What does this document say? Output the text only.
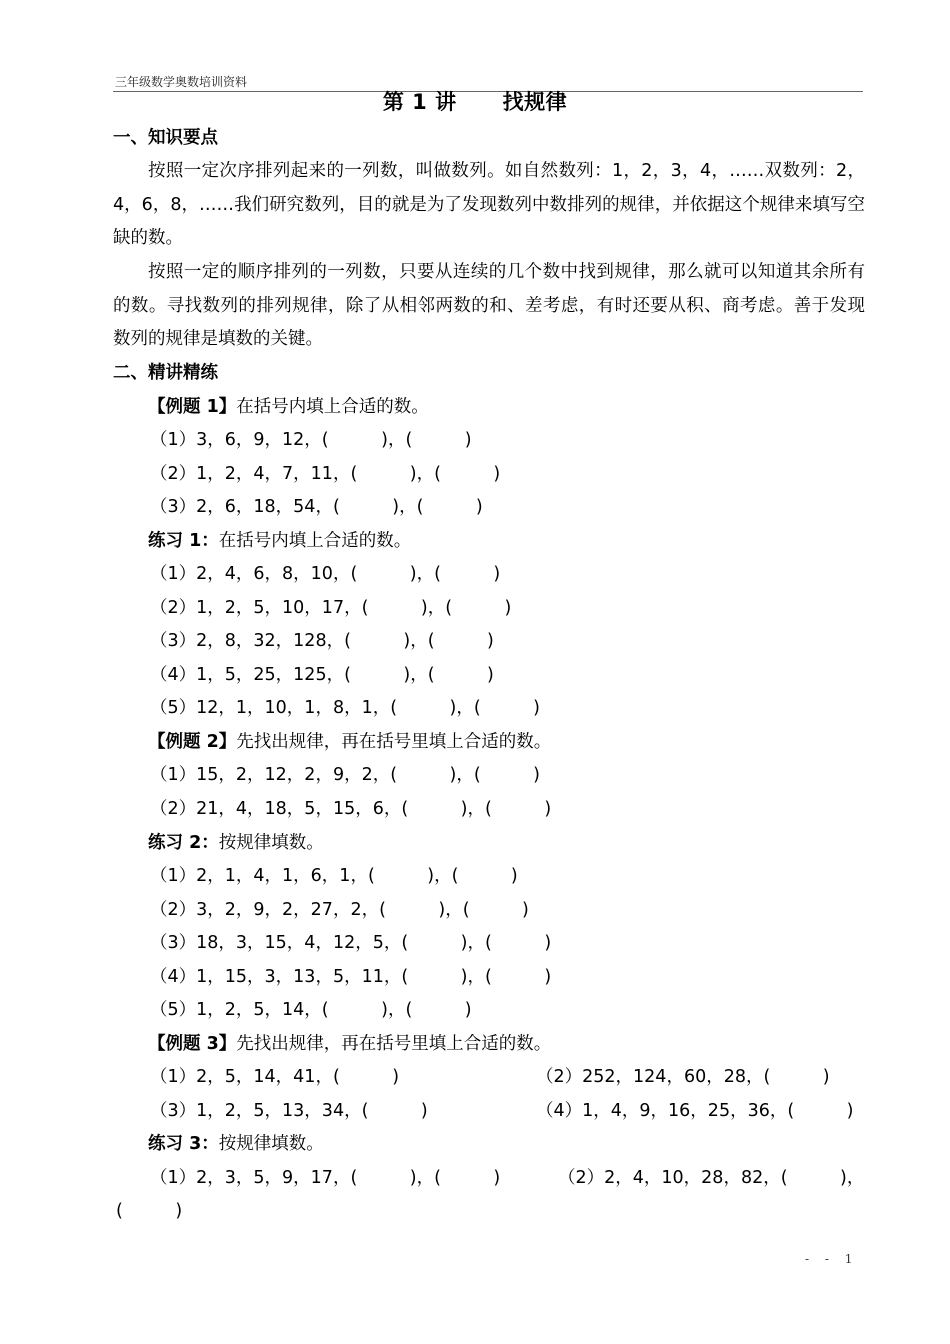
三年级数学奥数培训资料
第 1 讲 找规律
一、知识要点
按照一定次序排列起来的一列数，叫做数列。如自然数列：1，2，3，4，……双数列：2，4，6，8，……我们研究数列，目的就是为了发现数列中数排列的规律，并依据这个规律来填写空缺的数。
按照一定的顺序排列的一列数，只要从连续的几个数中找到规律，那么就可以知道其余所有的数。寻找数列的排列规律，除了从相邻两数的和、差考虑，有时还要从积、商考虑。善于发现数列的规律是填数的关键。
二、精讲精练
【例题 1】在括号内填上合适的数。
（1）3，6，9，12，(　　　)，(　　　)
（2）1，2，4，7，11，(　　　)，(　　　)
（3）2，6，18，54，(　　　)，(　　　)
练习 1：在括号内填上合适的数。
（1）2，4，6，8，10，(　　　)，(　　　)
（2）1，2，5，10，17，(　　　)，(　　　)
（3）2，8，32，128，(　　　)，(　　　)
（4）1，5，25，125，(　　　)，(　　　)
（5）12，1，10，1，8，1，(　　　)，(　　　)
【例题 2】先找出规律，再在括号里填上合适的数。
（1）15，2，12，2，9，2，(　　　)，(　　　)
（2）21，4，18，5，15，6，(　　　)，(　　　)
练习 2：按规律填数。
（1）2，1，4，1，6，1，(　　　)，(　　　)
（2）3，2，9，2，27，2，(　　　)，(　　　)
（3）18，3，15，4，12，5，(　　　)，(　　　)
（4）1，15，3，13，5，11，(　　　)，(　　　)
（5）1，2，5，14，(　　　)，(　　　)
【例题 3】先找出规律，再在括号里填上合适的数。
（1）2，5，14，41，(　　　)	（2）252，124，60，28，(　　　)
（3）1，2，5，13，34，(　　　)	（4）1，4，9，16，25，36，(　　　)
练习 3：按规律填数。
（1）2，3，5，9，17，(　　　)，(　　　)	（2）2，4，10，28，82，(　　　)，
(　　　)
- - 1
